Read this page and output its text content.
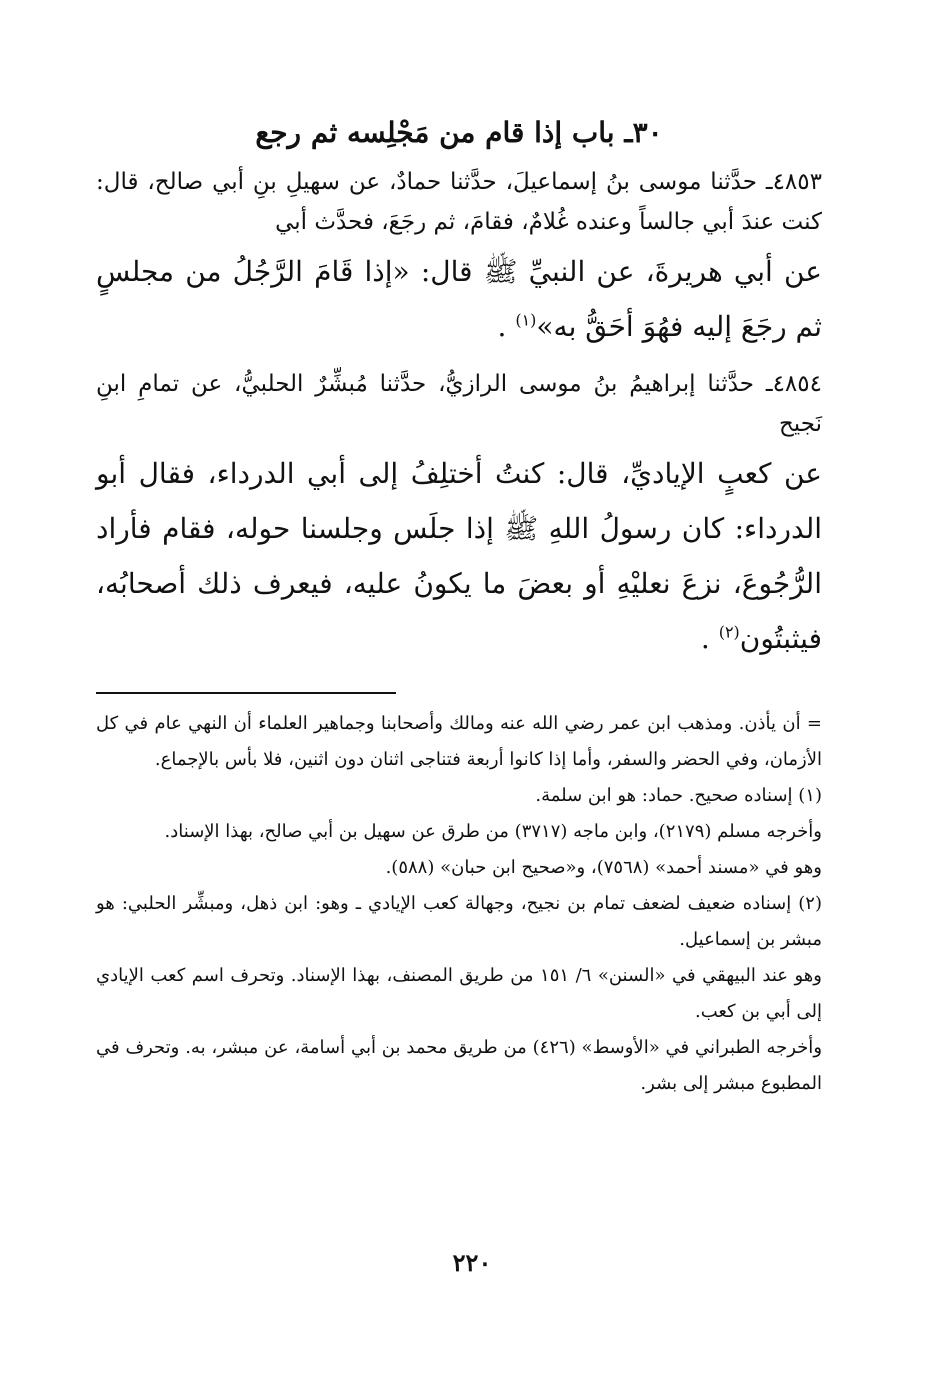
٣٠ـ باب إذا قام من مَجْلِسه ثم رجع

٤٨٥٣ـ حدَّثنا موسى بنُ إسماعيلَ، حدَّثنا حمادٌ، عن سهيلِ بنِ أبي صالح، قال: كنت عندَ أبي جالساً وعنده غُلامٌ، فقامَ، ثم رجَعَ، فحدَّث أبي

عن أبي هريرةَ، عن النبيِّ ﷺ قال: «إذا قَامَ الرَّجُلُ من مجلسٍ ثم رجَعَ إليه فهُوَ أحَقُّ به»$^{(١)}$ .

٤٨٥٤ـ حدَّثنا إبراهيمُ بنُ موسى الرازيُّ، حدَّثنا مُبشِّرٌ الحلبيُّ، عن تمامِ ابنِ نَجيح

عن كعبٍ الإياديِّ، قال: كنتُ أختلِفُ إلى أبي الدرداء، فقال أبو الدرداء: كان رسولُ اللهِ ﷺ إذا جلَس وجلسنا حوله، فقام فأراد الرُّجُوعَ، نزعَ نعليْهِ أو بعضَ ما يكونُ عليه، فيعرف ذلك أصحابُه، فيثبتُون$^{(٢)}$ .

= أن يأذن. ومذهب ابن عمر رضي الله عنه ومالك وأصحابنا وجماهير العلماء أن النهي عام في كل الأزمان، وفي الحضر والسفر، وأما إذا كانوا أربعة فتناجى اثنان دون اثنين، فلا بأس بالإجماع.

(١) إسناده صحيح. حماد: هو ابن سلمة.

وأخرجه مسلم (٢١٧٩)، وابن ماجه (٣٧١٧) من طرق عن سهيل بن أبي صالح، بهذا الإسناد.

وهو في «مسند أحمد» (٧٥٦٨)، و«صحيح ابن حبان» (٥٨٨).

(٢) إسناده ضعيف لضعف تمام بن نجيح، وجهالة كعب الإيادي ـ وهو: ابن ذهل، ومبشِّر الحلبي: هو مبشر بن إسماعيل.

وهو عند البيهقي في «السنن» ٦/ ١٥١ من طريق المصنف، بهذا الإسناد. وتحرف اسم كعب الإيادي إلى أبي بن كعب.

وأخرجه الطبراني في «الأوسط» (٤٢٦) من طريق محمد بن أبي أسامة، عن مبشر، به. وتحرف في المطبوع مبشر إلى بشر.

٢٢٠
